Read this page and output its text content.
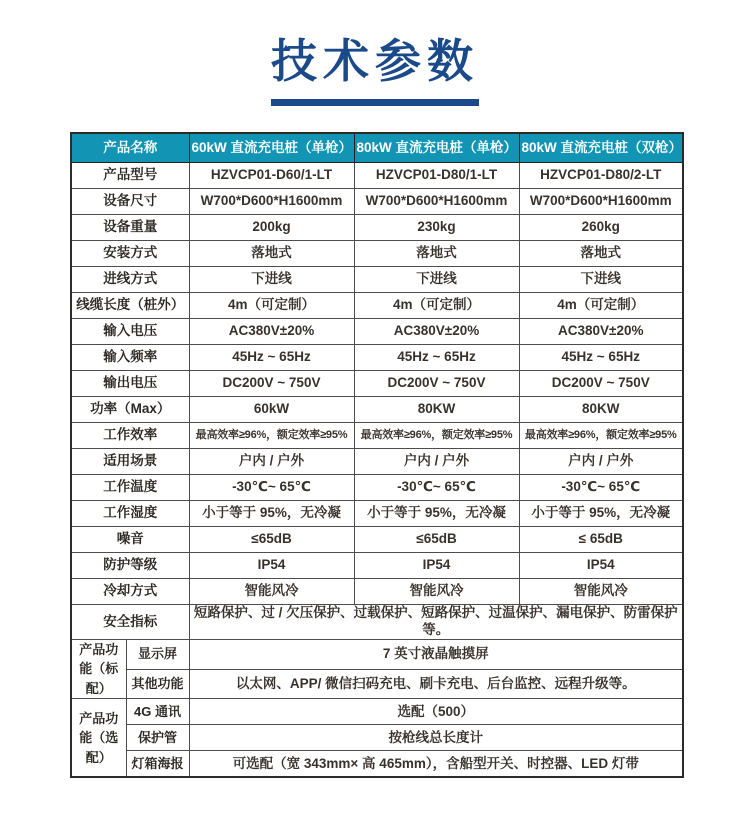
技术参数
产品名称		60kW 直流充电桩（单枪）	80kW 直流充电桩（单枪）	80kW 直流充电桩（双枪）
产品型号		HZVCP01-D60/1-LT	HZVCP01-D80/1-LT	HZVCP01-D80/2-LT
设备尺寸		W700*D600*H1600mm	W700*D600*H1600mm	W700*D600*H1600mm
设备重量		200kg	230kg	260kg
安装方式		落地式	落地式	落地式
进线方式		下进线	下进线	下进线
线缆长度（桩外）		4m（可定制）	4m（可定制）	4m（可定制）
输入电压		AC380V±20%	AC380V±20%	AC380V±20%
输入频率		45Hz ~ 65Hz	45Hz ~ 65Hz	45Hz ~ 65Hz
输出电压		DC200V ~ 750V	DC200V ~ 750V	DC200V ~ 750V
功率（Max）		60kW	80KW	80KW
工作效率		最高效率≥96%，额定效率≥95%	最高效率≥96%，额定效率≥95%	最高效率≥96%，额定效率≥95%
适用场景		户内 / 户外	户内 / 户外	户内 / 户外
工作温度		-30℃~ 65℃	-30℃~ 65℃	-30℃~ 65℃
工作湿度		小于等于 95%，无冷凝	小于等于 95%，无冷凝	小于等于 95%，无冷凝
噪音		≤65dB	≤65dB	≤ 65dB
防护等级		IP54	IP54	IP54
冷却方式		智能风冷	智能风冷	智能风冷
安全指标		短路保护、过 / 欠压保护、过载保护、短路保护、过温保护、漏电保护、防雷保护等。		
产品功能（标配）	显示屏	7 英寸液晶触摸屏		
	其他功能	以太网、APP/ 微信扫码充电、刷卡充电、后台监控、远程升级等。		
产品功能（选配）	4G 通讯	选配（500）		
	保护管	按枪线总长度计		
	灯箱海报	可选配（宽 343mm× 高 465mm），含船型开关、时控器、LED 灯带		
